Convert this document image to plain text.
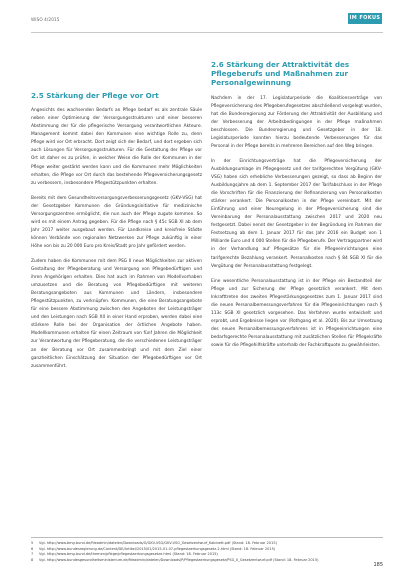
WISO 4/2015	IM FOKUS
2.5 Stärkung der Pflege vor Ort

Angesichts des wachsenden Bedarfs an Pflege bedarf es als zentrale Säule neben einer Optimierung der Versorgungsstrukturen und einer besseren Abstimmung der für die pflegerische Versorgung verantwortlichen Akteure. Management kommt dabei den Kommunen eine wichtige Rolle zu, denn Pflege wird vor Ort erbracht. Dort zeigt sich der Bedarf, und dort ergeben sich auch Lösungen für Versorgungsstrukturen. Für die Gestaltung der Pflege vor Ort ist daher es zu prüfen, in welcher Weise die Rolle der Kommunen in der Pflege weiter gestärkt werden kann und die Kommunen mehr Möglichkeiten erhalten, die Pflege vor Ort durch das bestehende Pflegeversicherungsgesetz zu verbessern, insbesondere Pflegestützpunkten erhalten.

Bereits mit dem Gesundheitsversorgungsverbesserungsgesetz (GKV-VSG) hat der Gesetzgeber Kommunen die Gründungsinitiative für medizinische Versorgungszentren ermöglicht, die nun auch der Pflege zugute kommen. So wird es mit einem Antrag gegeben. Für die Pflege nach § 45c SGB XI ab dem Jahr 2017 weiter ausgebaut werden. Für Landkreise und kreisfreie Städte können Verbände von regionalen Netzwerken zur Pflege zukünftig in einer Höhe von bis zu 20 000 Euro pro Kreis/Stadt pro Jahr gefördert werden.

Zudem haben die Kommunen mit dem PSG II neue Möglichkeiten zur aktiven Gestaltung der Pflegeberatung und Versorgung von Pflegebedürftigen und ihren Angehörigen erhalten. Dies hat auch im Rahmen von Modellvorhaben umzusetzen und die Beratung von Pflegebedürftigen mit weiteren Beratungsangeboten aus Kommunen und Ländern, insbesondere Pflegestützpunkten, zu verknüpfen. Kommunen, die eine Beratungsangebote für eine bessere Abstimmung zwischen den Angeboten der Leistungsträger und den Leistungen nach SGB XII in einer Hand erproben, werden dabei eine stärkere Rolle bei der Organisation der örtlichen Angebote haben. Modellkommunen erhalten für einen Zeitraum von fünf Jahren die Möglichkeit zur Verantwortung der Pflegeberatung, die die verschiedenen Leistungsträger an der Beratung vor Ort zusammenbringt und mit dem Ziel einer ganzheitlichen Einschätzung der Situation der Pflegebedürftigen vor Ort zusammenführt.

2.6 Stärkung der Attraktivität des Pflegeberufs und Maßnahmen zur Personalgewinnung

Nachdem in der 17. Legislaturperiode die Koalitionsverträge von Pflegeversicherung des Pflegeberufegesetzes abschließend vorgelegt wurden, hat die Bundesregierung zur Förderung der Attraktivität der Ausbildung und der Verbesserung der Arbeitsbedingungen in der Pflege maßnahmen beschlossen. Die Bundesregierung und Gesetzgeber in der 18. Legislaturperiode konnten hierzu bedeutende Verbesserungen für das Personal in der Pflege bereits in mehreren Bereichen auf den Weg bringen.

In der Einrichtungsverträge hat die Pflegeversicherung der Ausbildungsumlage im Pflegegesetz und der tarifgerechten Vergütung (GKV-VSG) haben sich erhebliche Verbesserungen gezeigt, so dass ab Beginn der Ausbildungsjahre ab dem 1. September 2017 der Tarifabschluss in der Pflege die Vorschriften für die Finanzierung der Refinanzierung von Personalkosten stärker verankert. Die Personalkosten in der Pflege vereinbart. Mit der Einführung und einer Neuregelung in der Pflegeversicherung sind die Vereinbarung der Personalausstattung zwischen 2017 und 2020 neu festgesetzt. Dabei nennt der Gesetzgeber in der Begründung im Rahmen der Festsetzung ab dem 1. Januar 2017 für das Jahr 2016 ein Budget von 1 Milliarde Euro und 4 000 Stellen für die Pflegeberufe. Der Vertragspartner wird in der Verhandlung auf Pflegesätze für die Pflegeeinrichtungen eine tarifgerechte Bezahlung verankert. Personalkosten nach § 84 SGB XI für die Vergütung der Personalausstattung festgelegt.

Eine wesentliche Personalausstattung ist in der Pflege ein Bestandteil der Pflege und zur Sicherung der Pflege gesetzlich verankert. Mit dem Inkrafttreten des zweiten Pflegestärkungsgesetzes zum 1. Januar 2017 sind die neuen Personalbemessungsverfahren für die Pflegeeinrichtungen nach § 113c SGB XI gesetzlich vorgesehen. Das Verfahren wurde entwickelt und erprobt, und Ergebnisse liegen vor (Rothgang et al. 2020). Bis zur Umsetzung des neuen Personalbemessungsverfahrens ist in Pflegeeinrichtungen eine bedarfsgerechte Personalausstattung mit zusätzlichen Stellen für Pflegekräfte sowie für die Pflegehilfskräfte unterhalb der Fachkraftquote zu gewährleisten.

5 Vgl. http://www.bmg.bund.de/fileadmin/dateien/Downloads/G/GKV-VSG/GKV-VSG_Gesetzentwurf_Kabinett.pdf (Stand: 18. Februar 2015)
6 Vgl. http://www.bundesregierung.de/Content/DE/Artikel/2015/01/2015-01-07-pflegestaerkungsgesetz-2.html (Stand: 18. Februar 2015)
7 Vgl. http://www.bmg.bund.de/themen/pflege/pflegestaerkungsgesetze.html (Stand: 18. Februar 2015)
8 Vgl. http://www.bundesgesundheitsministerium.de/fileadmin/dateien/Downloads/P/Pflegestaerkungsgesetz/PSG_II_Gesetzentwurf.pdf (Stand: 18. Februar 2015)
185
